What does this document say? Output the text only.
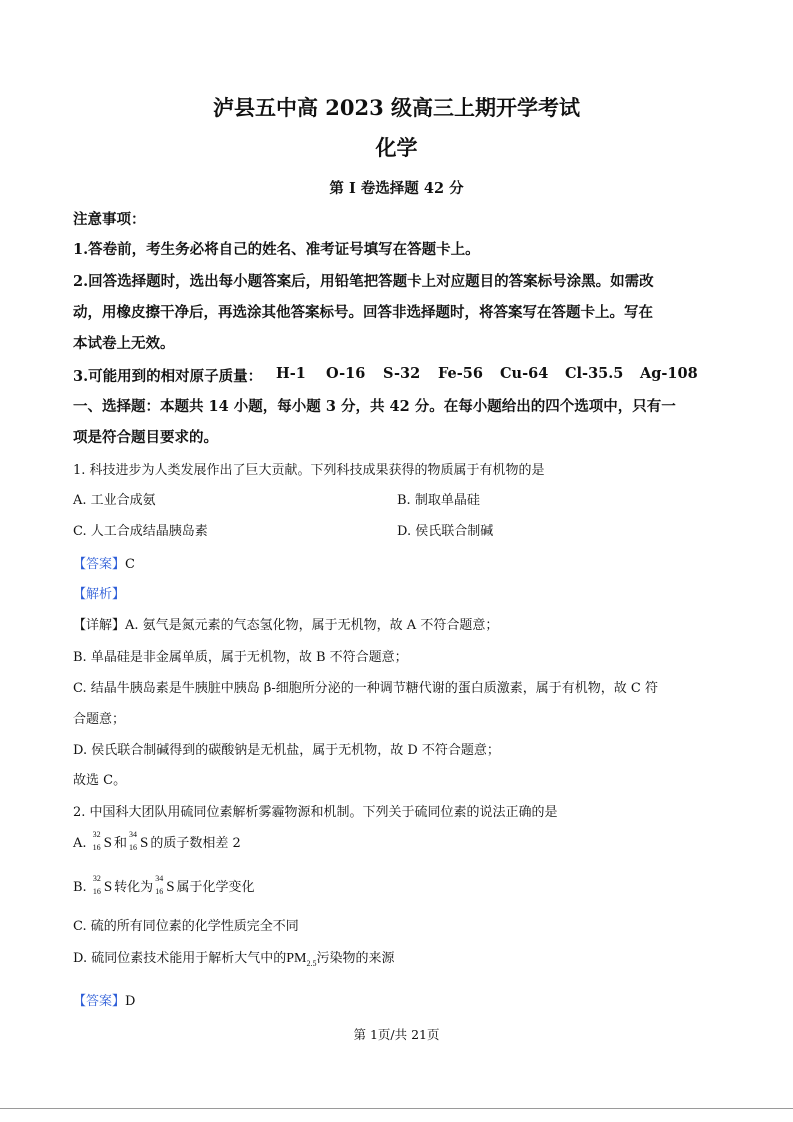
泸县五中高 2023 级高三上期开学考试
化学
第 I 卷选择题 42 分
注意事项：
1.答卷前，考生务必将自己的姓名、准考证号填写在答题卡上。
2.回答选择题时，选出每小题答案后，用铅笔把答题卡上对应题目的答案标号涂黑。如需改
动，用橡皮擦干净后，再选涂其他答案标号。回答非选择题时，将答案写在答题卡上。写在
本试卷上无效。
3.可能用到的相对原子质量： H-1 O-16 S-32 Fe-56 Cu-64 Cl-35.5 Ag-108
一、选择题：本题共 14 小题，每小题 3 分，共 42 分。在每小题给出的四个选项中，只有一
项是符合题目要求的。
1. 科技进步为人类发展作出了巨大贡献。下列科技成果获得的物质属于有机物的是
A. 工业合成氨	B. 制取单晶硅
C. 人工合成结晶胰岛素	D. 侯氏联合制碱
【答案】C
【解析】
【详解】A. 氨气是氮元素的气态氢化物，属于无机物，故 A 不符合题意；
B. 单晶硅是非金属单质，属于无机物，故 B 不符合题意；
C. 结晶牛胰岛素是牛胰脏中胰岛 β-细胞所分泌的一种调节糖代谢的蛋白质激素，属于有机物，故 C 符
合题意；
D. 侯氏联合制碱得到的碳酸钠是无机盐，属于无机物，故 D 不符合题意；
故选 C。
2. 中国科大团队用硫同位素解析雾霾物源和机制。下列关于硫同位素的说法正确的是
A.
32
16 S 和
34
16 S 的质子数相差 2
B.
32
16 S 转化为
34
16 S 属于化学变化
C. 硫的所有同位素的化学性质完全不同
D. 硫同位素技术能用于解析大气中的$PM_{2.5}$污染物的来源
【答案】D
第 1页/共 21页
